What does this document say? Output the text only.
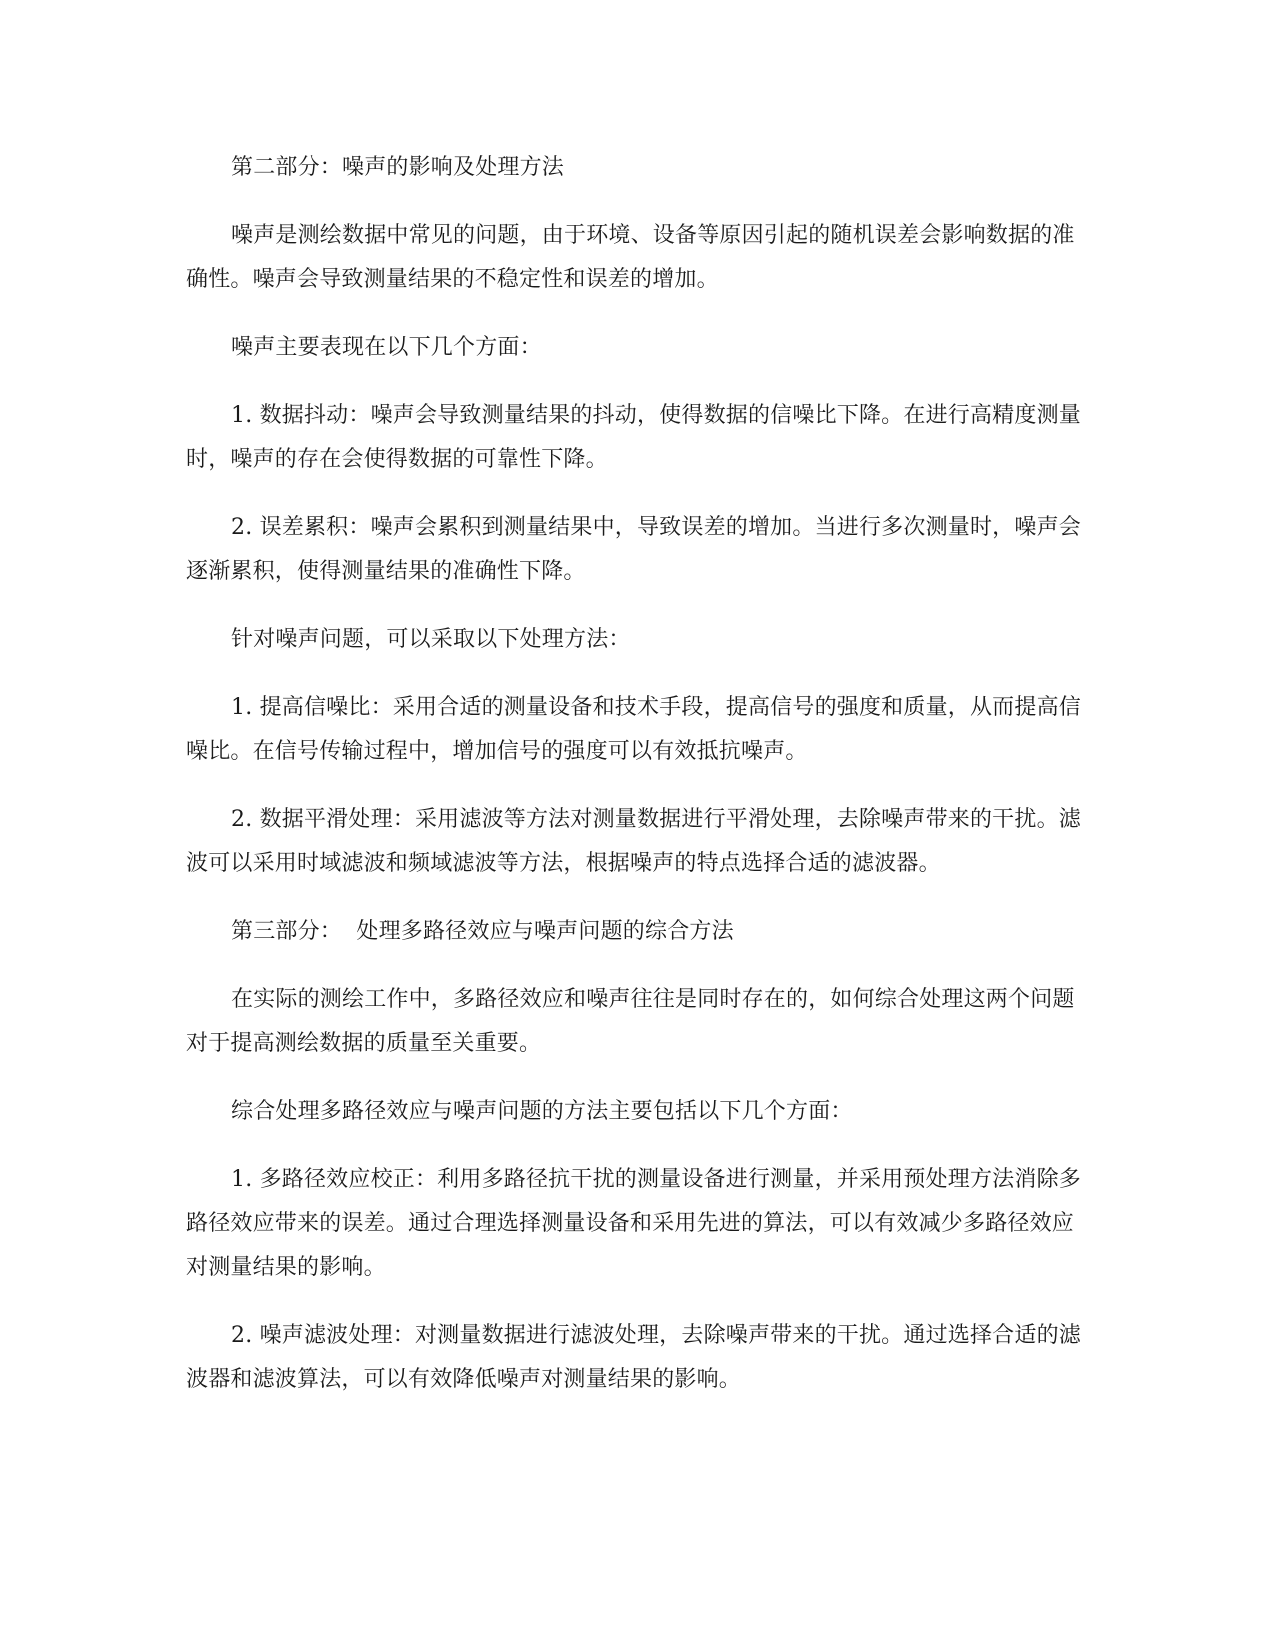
第二部分：噪声的影响及处理方法

噪声是测绘数据中常见的问题，由于环境、设备等原因引起的随机误差会影响数据的准确性。噪声会导致测量结果的不稳定性和误差的增加。

噪声主要表现在以下几个方面：

1. 数据抖动：噪声会导致测量结果的抖动，使得数据的信噪比下降。在进行高精度测量时，噪声的存在会使得数据的可靠性下降。

2. 误差累积：噪声会累积到测量结果中，导致误差的增加。当进行多次测量时，噪声会逐渐累积，使得测量结果的准确性下降。

针对噪声问题，可以采取以下处理方法：

1. 提高信噪比：采用合适的测量设备和技术手段，提高信号的强度和质量，从而提高信噪比。在信号传输过程中，增加信号的强度可以有效抵抗噪声。

2. 数据平滑处理：采用滤波等方法对测量数据进行平滑处理，去除噪声带来的干扰。滤波可以采用时域滤波和频域滤波等方法，根据噪声的特点选择合适的滤波器。

第三部分：  处理多路径效应与噪声问题的综合方法

在实际的测绘工作中，多路径效应和噪声往往是同时存在的，如何综合处理这两个问题对于提高测绘数据的质量至关重要。

综合处理多路径效应与噪声问题的方法主要包括以下几个方面：

1. 多路径效应校正：利用多路径抗干扰的测量设备进行测量，并采用预处理方法消除多路径效应带来的误差。通过合理选择测量设备和采用先进的算法，可以有效减少多路径效应对测量结果的影响。

2. 噪声滤波处理：对测量数据进行滤波处理，去除噪声带来的干扰。通过选择合适的滤波器和滤波算法，可以有效降低噪声对测量结果的影响。
